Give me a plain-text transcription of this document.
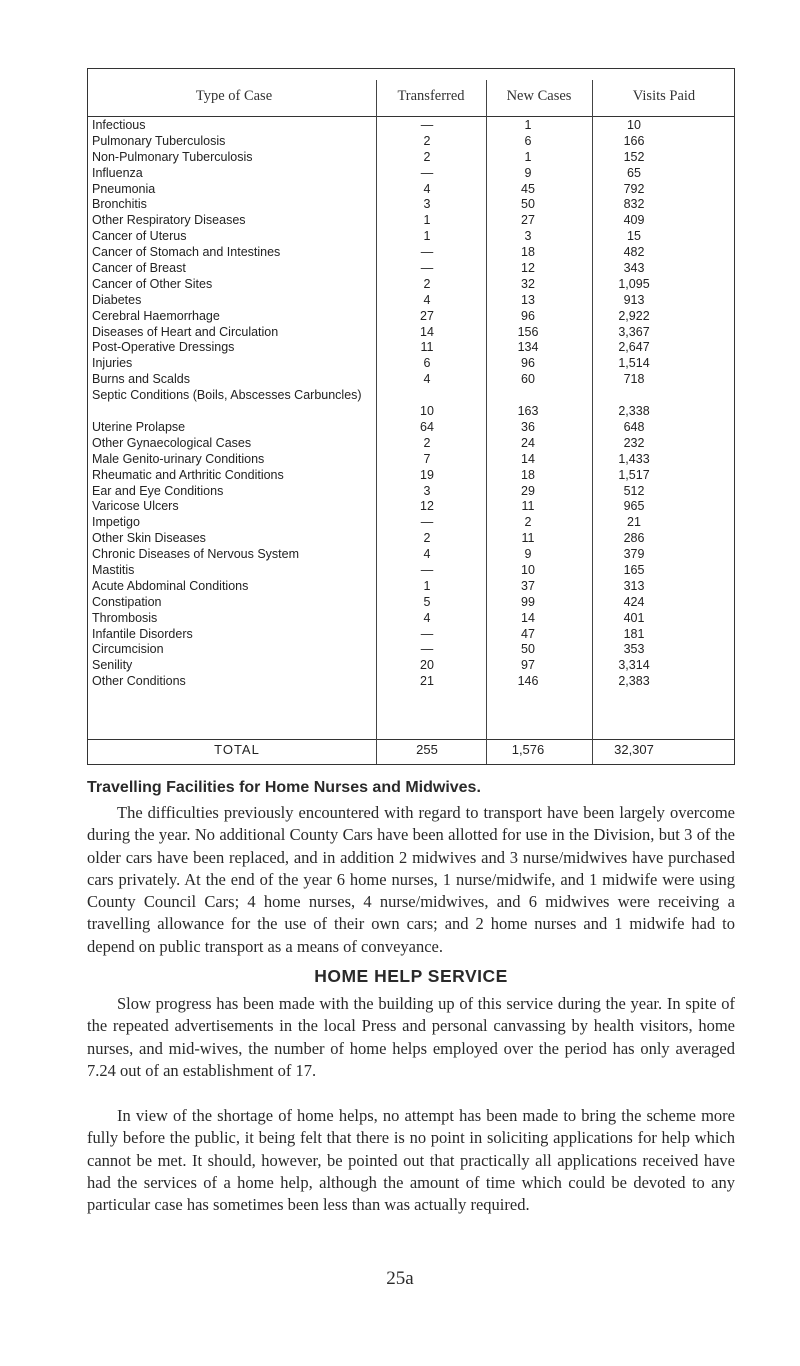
Type of Case	Transferred	New Cases	Visits Paid
Infectious	—	1	10
Pulmonary Tuberculosis	2	6	166
Non-Pulmonary Tuberculosis	2	1	152
Influenza	—	9	65
Pneumonia	4	45	792
Bronchitis	3	50	832
Other Respiratory Diseases	1	27	409
Cancer of Uterus	1	3	15
Cancer of Stomach and Intestines	—	18	482
Cancer of Breast	—	12	343
Cancer of Other Sites	2	32	1,095
Diabetes	4	13	913
Cerebral Haemorrhage	27	96	2,922
Diseases of Heart and Circulation	14	156	3,367
Post-Operative Dressings	11	134	2,647
Injuries	6	96	1,514
Burns and Scalds	4	60	718
Septic Conditions (Boils, Abscesses Carbuncles)
10	163	2,338
Uterine Prolapse	64	36	648
Other Gynaecological Cases	2	24	232
Male Genito-urinary Conditions	7	14	1,433
Rheumatic and Arthritic Conditions	19	18	1,517
Ear and Eye Conditions	3	29	512
Varicose Ulcers	12	11	965
Impetigo	—	2	21
Other Skin Diseases	2	11	286
Chronic Diseases of Nervous System	4	9	379
Mastitis	—	10	165
Acute Abdominal Conditions	1	37	313
Constipation	5	99	424
Thrombosis	4	14	401
Infantile Disorders	—	47	181
Circumcision	—	50	353
Senility	20	97	3,314
Other Conditions	21	146	2,383
TOTAL	255	1,576	32,307
Travelling Facilities for Home Nurses and Midwives.
The difficulties previously encountered with regard to transport have been largely overcome during the year. No additional County Cars have been allotted for use in the Division, but 3 of the older cars have been replaced, and in addition 2 midwives and 3 nurse/midwives have purchased cars privately. At the end of the year 6 home nurses, 1 nurse/midwife, and 1 midwife were using County Council Cars; 4 home nurses, 4 nurse/midwives, and 6 midwives were receiving a travelling allowance for the use of their own cars; and 2 home nurses and 1 midwife had to depend on public transport as a means of conveyance.
HOME HELP SERVICE
Slow progress has been made with the building up of this service during the year. In spite of the repeated advertisements in the local Press and personal canvassing by health visitors, home nurses, and mid-wives, the number of home helps employed over the period has only averaged 7.24 out of an establishment of 17.
In view of the shortage of home helps, no attempt has been made to bring the scheme more fully before the public, it being felt that there is no point in soliciting applications for help which cannot be met. It should, however, be pointed out that practically all applications received have had the services of a home help, although the amount of time which could be devoted to any particular case has sometimes been less than was actually required.
25a
